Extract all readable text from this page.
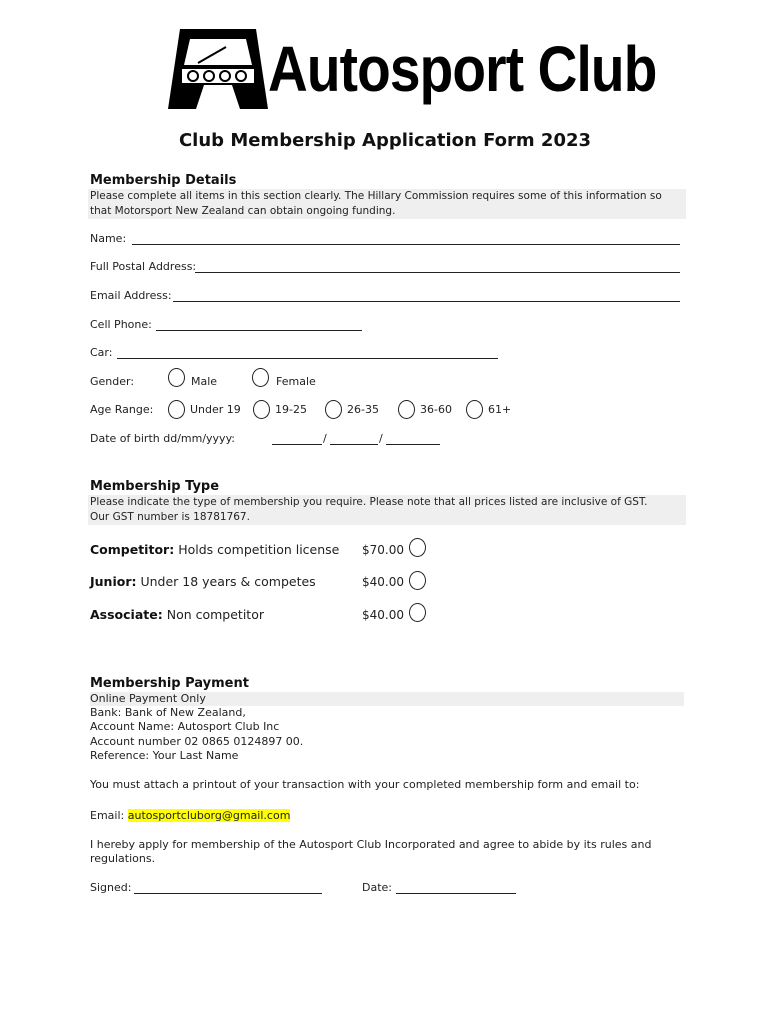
Autosport Club
Club Membership Application Form 2023
Membership Details
Please complete all items in this section clearly. The Hillary Commission requires some of this information so
that Motorsport New Zealand can obtain ongoing funding.
Name:
Full Postal Address:
Email Address:
Cell Phone:
Car:
Gender:	Male	Female
Age Range:	Under 19	19-25	26-35	36-60	61+
Date of birth dd/mm/yyyy:	/	/
Membership Type
Please indicate the type of membership you require. Please note that all prices listed are inclusive of GST.
Our GST number is 18781767.
Competitor: Holds competition license $70.00
Junior: Under 18 years & competes	$40.00
Associate: Non competitor	$40.00
Membership Payment
Online Payment Only
Bank: Bank of New Zealand,
Account Name: Autosport Club Inc
Account number 02 0865 0124897 00.
Reference: Your Last Name
You must attach a printout of your transaction with your completed membership form and email to:
Email: autosportcluborg@gmail.com
I hereby apply for membership of the Autosport Club Incorporated and agree to abide by its rules and
regulations.
Signed:	Date:
